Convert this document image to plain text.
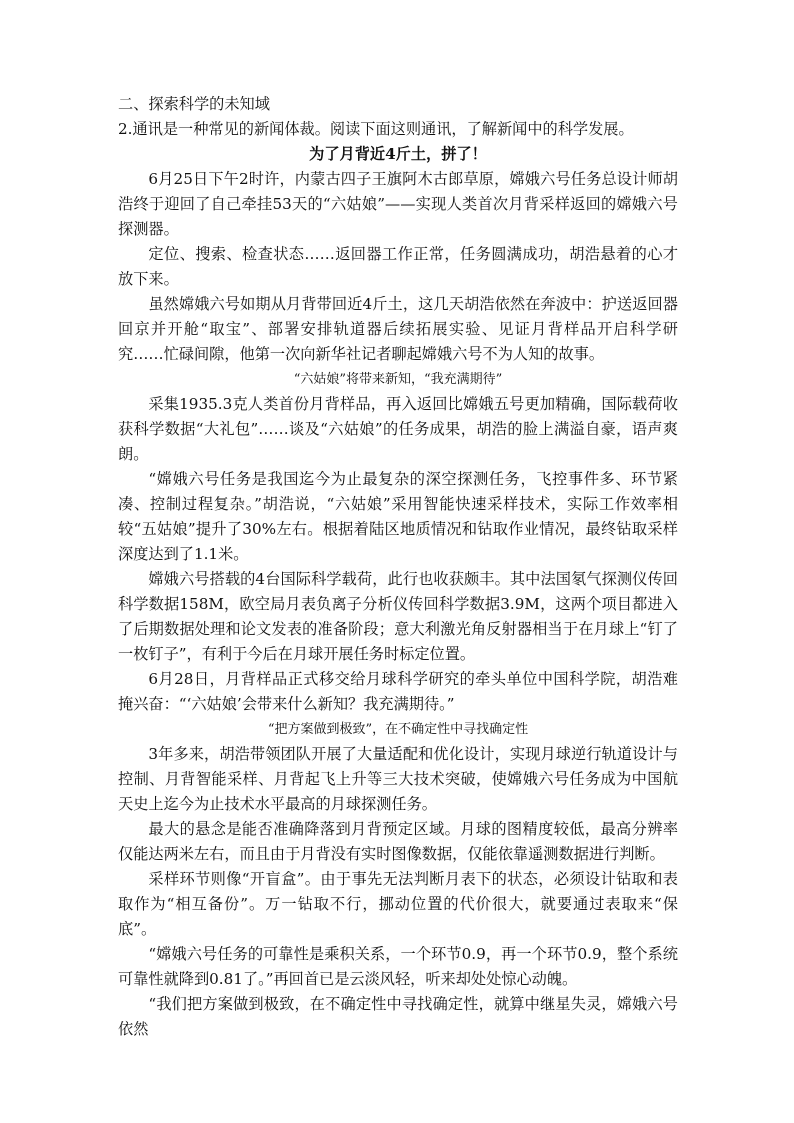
二、探索科学的未知域

2.通讯是一种常见的新闻体裁。阅读下面这则通讯，了解新闻中的科学发展。

为了月背近4斤土，拼了！

6月25日下午2时许，内蒙古四子王旗阿木古郎草原，嫦娥六号任务总设计师胡浩终于迎回了自己牵挂53天的“六姑娘”——实现人类首次月背采样返回的嫦娥六号探测器。

定位、搜索、检查状态……返回器工作正常，任务圆满成功，胡浩悬着的心才放下来。

虽然嫦娥六号如期从月背带回近4斤土，这几天胡浩依然在奔波中：护送返回器回京并开舱“取宝”、部署安排轨道器后续拓展实验、见证月背样品开启科学研究……忙碌间隙，他第一次向新华社记者聊起嫦娥六号不为人知的故事。

“六姑娘”将带来新知，“我充满期待”

采集1935.3克人类首份月背样品，再入返回比嫦娥五号更加精确，国际载荷收获科学数据“大礼包”……谈及“六姑娘”的任务成果，胡浩的脸上满溢自豪，语声爽朗。

“嫦娥六号任务是我国迄今为止最复杂的深空探测任务，飞控事件多、环节紧凑、控制过程复杂。”胡浩说，“六姑娘”采用智能快速采样技术，实际工作效率相较“五姑娘”提升了30%左右。根据着陆区地质情况和钻取作业情况，最终钻取采样深度达到了1.1米。

嫦娥六号搭载的4台国际科学载荷，此行也收获颇丰。其中法国氡气探测仪传回科学数据158M，欧空局月表负离子分析仪传回科学数据3.9M，这两个项目都进入了后期数据处理和论文发表的准备阶段；意大利激光角反射器相当于在月球上“钉了一枚钉子”，有利于今后在月球开展任务时标定位置。

6月28日，月背样品正式移交给月球科学研究的牵头单位中国科学院，胡浩难掩兴奋：“‘六姑娘’会带来什么新知？我充满期待。”

“把方案做到极致”，在不确定性中寻找确定性

3年多来，胡浩带领团队开展了大量适配和优化设计，实现月球逆行轨道设计与控制、月背智能采样、月背起飞上升等三大技术突破，使嫦娥六号任务成为中国航天史上迄今为止技术水平最高的月球探测任务。

最大的悬念是能否准确降落到月背预定区域。月球的图精度较低，最高分辨率仅能达两米左右，而且由于月背没有实时图像数据，仅能依靠遥测数据进行判断。

采样环节则像“开盲盒”。由于事先无法判断月表下的状态，必须设计钻取和表取作为“相互备份”。万一钻取不行，挪动位置的代价很大，就要通过表取来“保底”。

“嫦娥六号任务的可靠性是乘积关系，一个环节0.9，再一个环节0.9，整个系统可靠性就降到0.81了。”再回首已是云淡风轻，听来却处处惊心动魄。

“我们把方案做到极致，在不确定性中寻找确定性，就算中继星失灵，嫦娥六号依然
